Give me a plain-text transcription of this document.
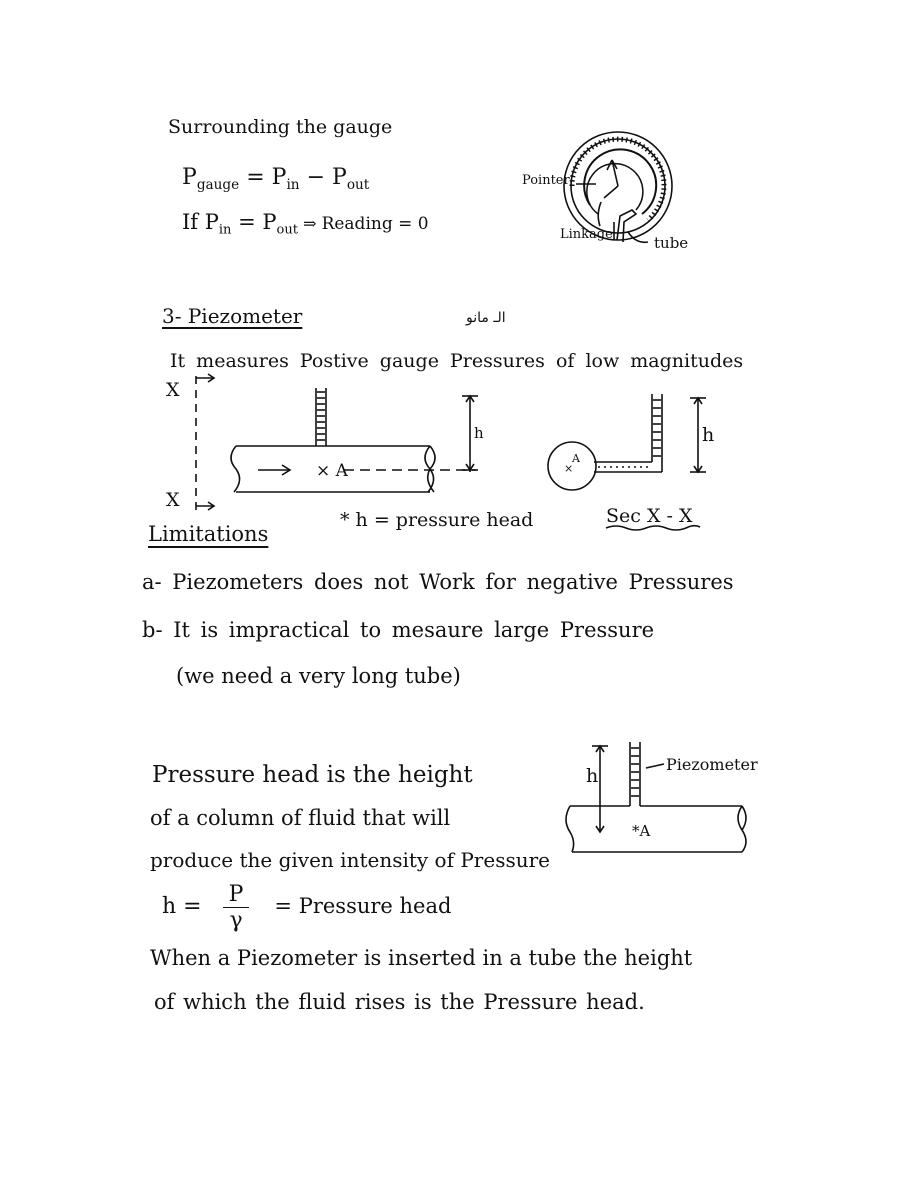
Surrounding the gauge
$P_{gauge} = P_{in} - P_{out}$
If $P_{in} = P_{out}$ ⇒ Reading = 0
Pointer
Linkage	tube
3- Piezometer	الـ مانو
It measures Postive gauge Pressures of low magnitudes
X
X
h	h
× A
A
×
* h = pressure head	Sec X - X
Limitations
a- Piezometers does not Work for negative Pressures
b- It is impractical to mesaure large Pressure
(we need a very long tube)
Pressure head is the height
of a column of fluid that will
produce the given intensity of Pressure
$h = \frac{P}{\gamma}$ = Pressure head
h
Piezometer
*A
When a Piezometer is inserted in a tube the height
of which the fluid rises is the Pressure head.
